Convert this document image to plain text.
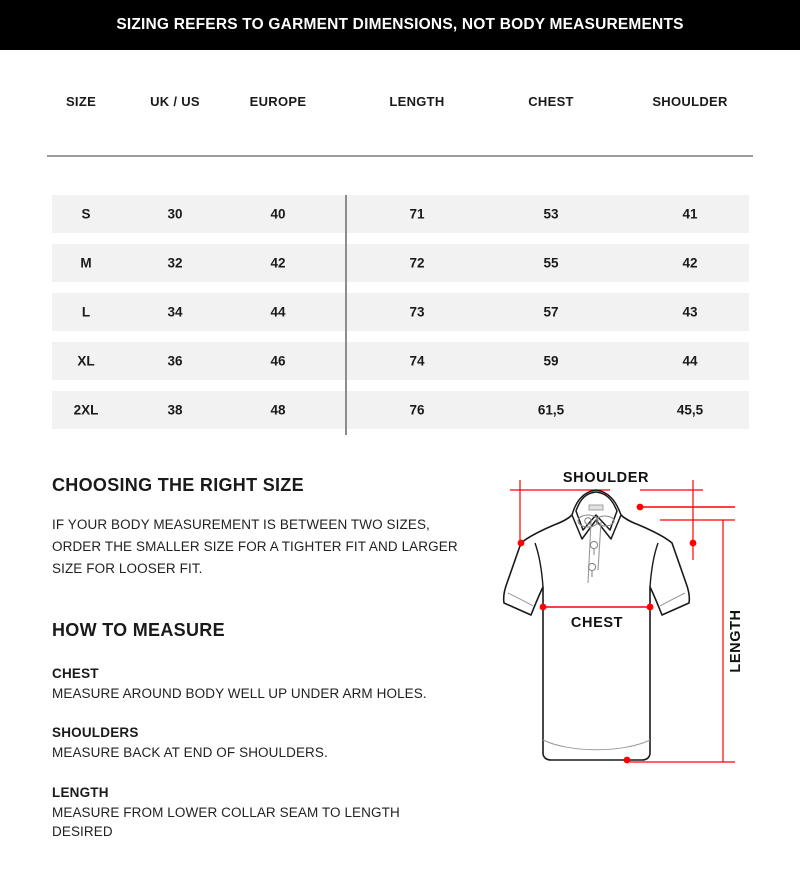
SIZING REFERS TO GARMENT DIMENSIONS, NOT BODY MEASUREMENTS
SIZE	UK / US	EUROPE	LENGTH	CHEST	SHOULDER
S	30	40	71	53	41
M	32	42	72	55	42
L	34	44	73	57	43
XL	36	46	74	59	44
2XL	38	48	76	61,5	45,5
CHOOSING THE RIGHT SIZE
IF YOUR BODY MEASUREMENT IS BETWEEN TWO SIZES, ORDER THE SMALLER SIZE FOR A TIGHTER FIT AND LARGER SIZE FOR LOOSER FIT.
HOW TO MEASURE
CHEST
MEASURE AROUND BODY WELL UP UNDER ARM HOLES.
SHOULDERS
MEASURE BACK AT END OF SHOULDERS.
LENGTH
MEASURE FROM LOWER COLLAR SEAM TO LENGTH DESIRED
SHOULDER
CHEST	LENGTH
